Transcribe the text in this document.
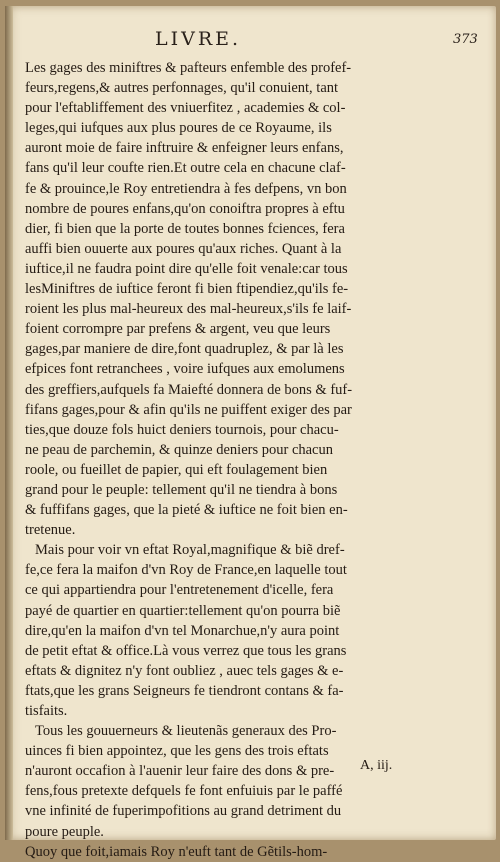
LIVRE.	373
Les gages des miniftres & pafteurs enfemble des profef-
feurs,regens,& autres perfonnages, qu'il conuient, tant
pour l'eftabliffement des vniuerfitez , academies & col-
leges,qui iufques aux plus poures de ce Royaume, ils
auront moie de faire inftruire & enfeigner leurs enfans,
fans qu'il leur coufte rien.Et outre cela en chacune claf-
fe & prouince,le Roy entretiendra à fes defpens, vn bon
nombre de poures enfans,qu'on conoiftra propres à eftu
dier, fi bien que la porte de toutes bonnes fciences, fera
auffi bien ouuerte aux poures qu'aux riches. Quant à la
iuftice,il ne faudra point dire qu'elle foit venale:car tous
lesMiniftres de iuftice feront fi bien ftipendiez,qu'ils fe-
roient les plus mal-heureux des mal-heureux,s'ils fe laif-
foient corrompre par prefens & argent, veu que leurs
gages,par maniere de dire,font quadruplez, & par là les
efpices font retranchees , voire iufques aux emolumens
des greffiers,aufquels fa Maiefté donnera de bons & fuf-
fifans gages,pour & afin qu'ils ne puiffent exiger des par
ties,que douze fols huict deniers tournois, pour chacu-
ne peau de parchemin, & quinze deniers pour chacun
roole, ou fueillet de papier, qui eft foulagement bien
grand pour le peuple: tellement qu'il ne tiendra à bons
& fuffifans gages, que la pieté & iuftice ne foit bien en-
tretenue.
Mais pour voir vn eftat Royal,magnifique & biẽ dref-
fe,ce fera la maifon d'vn Roy de France,en laquelle tout
ce qui appartiendra pour l'entretenement d'icelle, fera
payé de quartier en quartier:tellement qu'on pourra biẽ
dire,qu'en la maifon d'vn tel Monarchue,n'y aura point
de petit eftat & office.Là vous verrez que tous les grans
eftats & dignitez n'y font oubliez , auec tels gages & e-
ftats,que les grans Seigneurs fe tiendront contans & fa-
tisfaits.
Tous les gouuerneurs & lieutenãs generaux des Pro-
uinces fi bien appointez, que les gens des trois eftats
n'auront occafion à l'auenir leur faire des dons & pre-
fens,fous pretexte defquels fe font enfuiuis par le paffé
vne infinité de fuperimpofitions au grand detriment du
poure peuple.
Quoy que foit,iamais Roy n'euft tant de Gẽtils-hom-
A, iij.
